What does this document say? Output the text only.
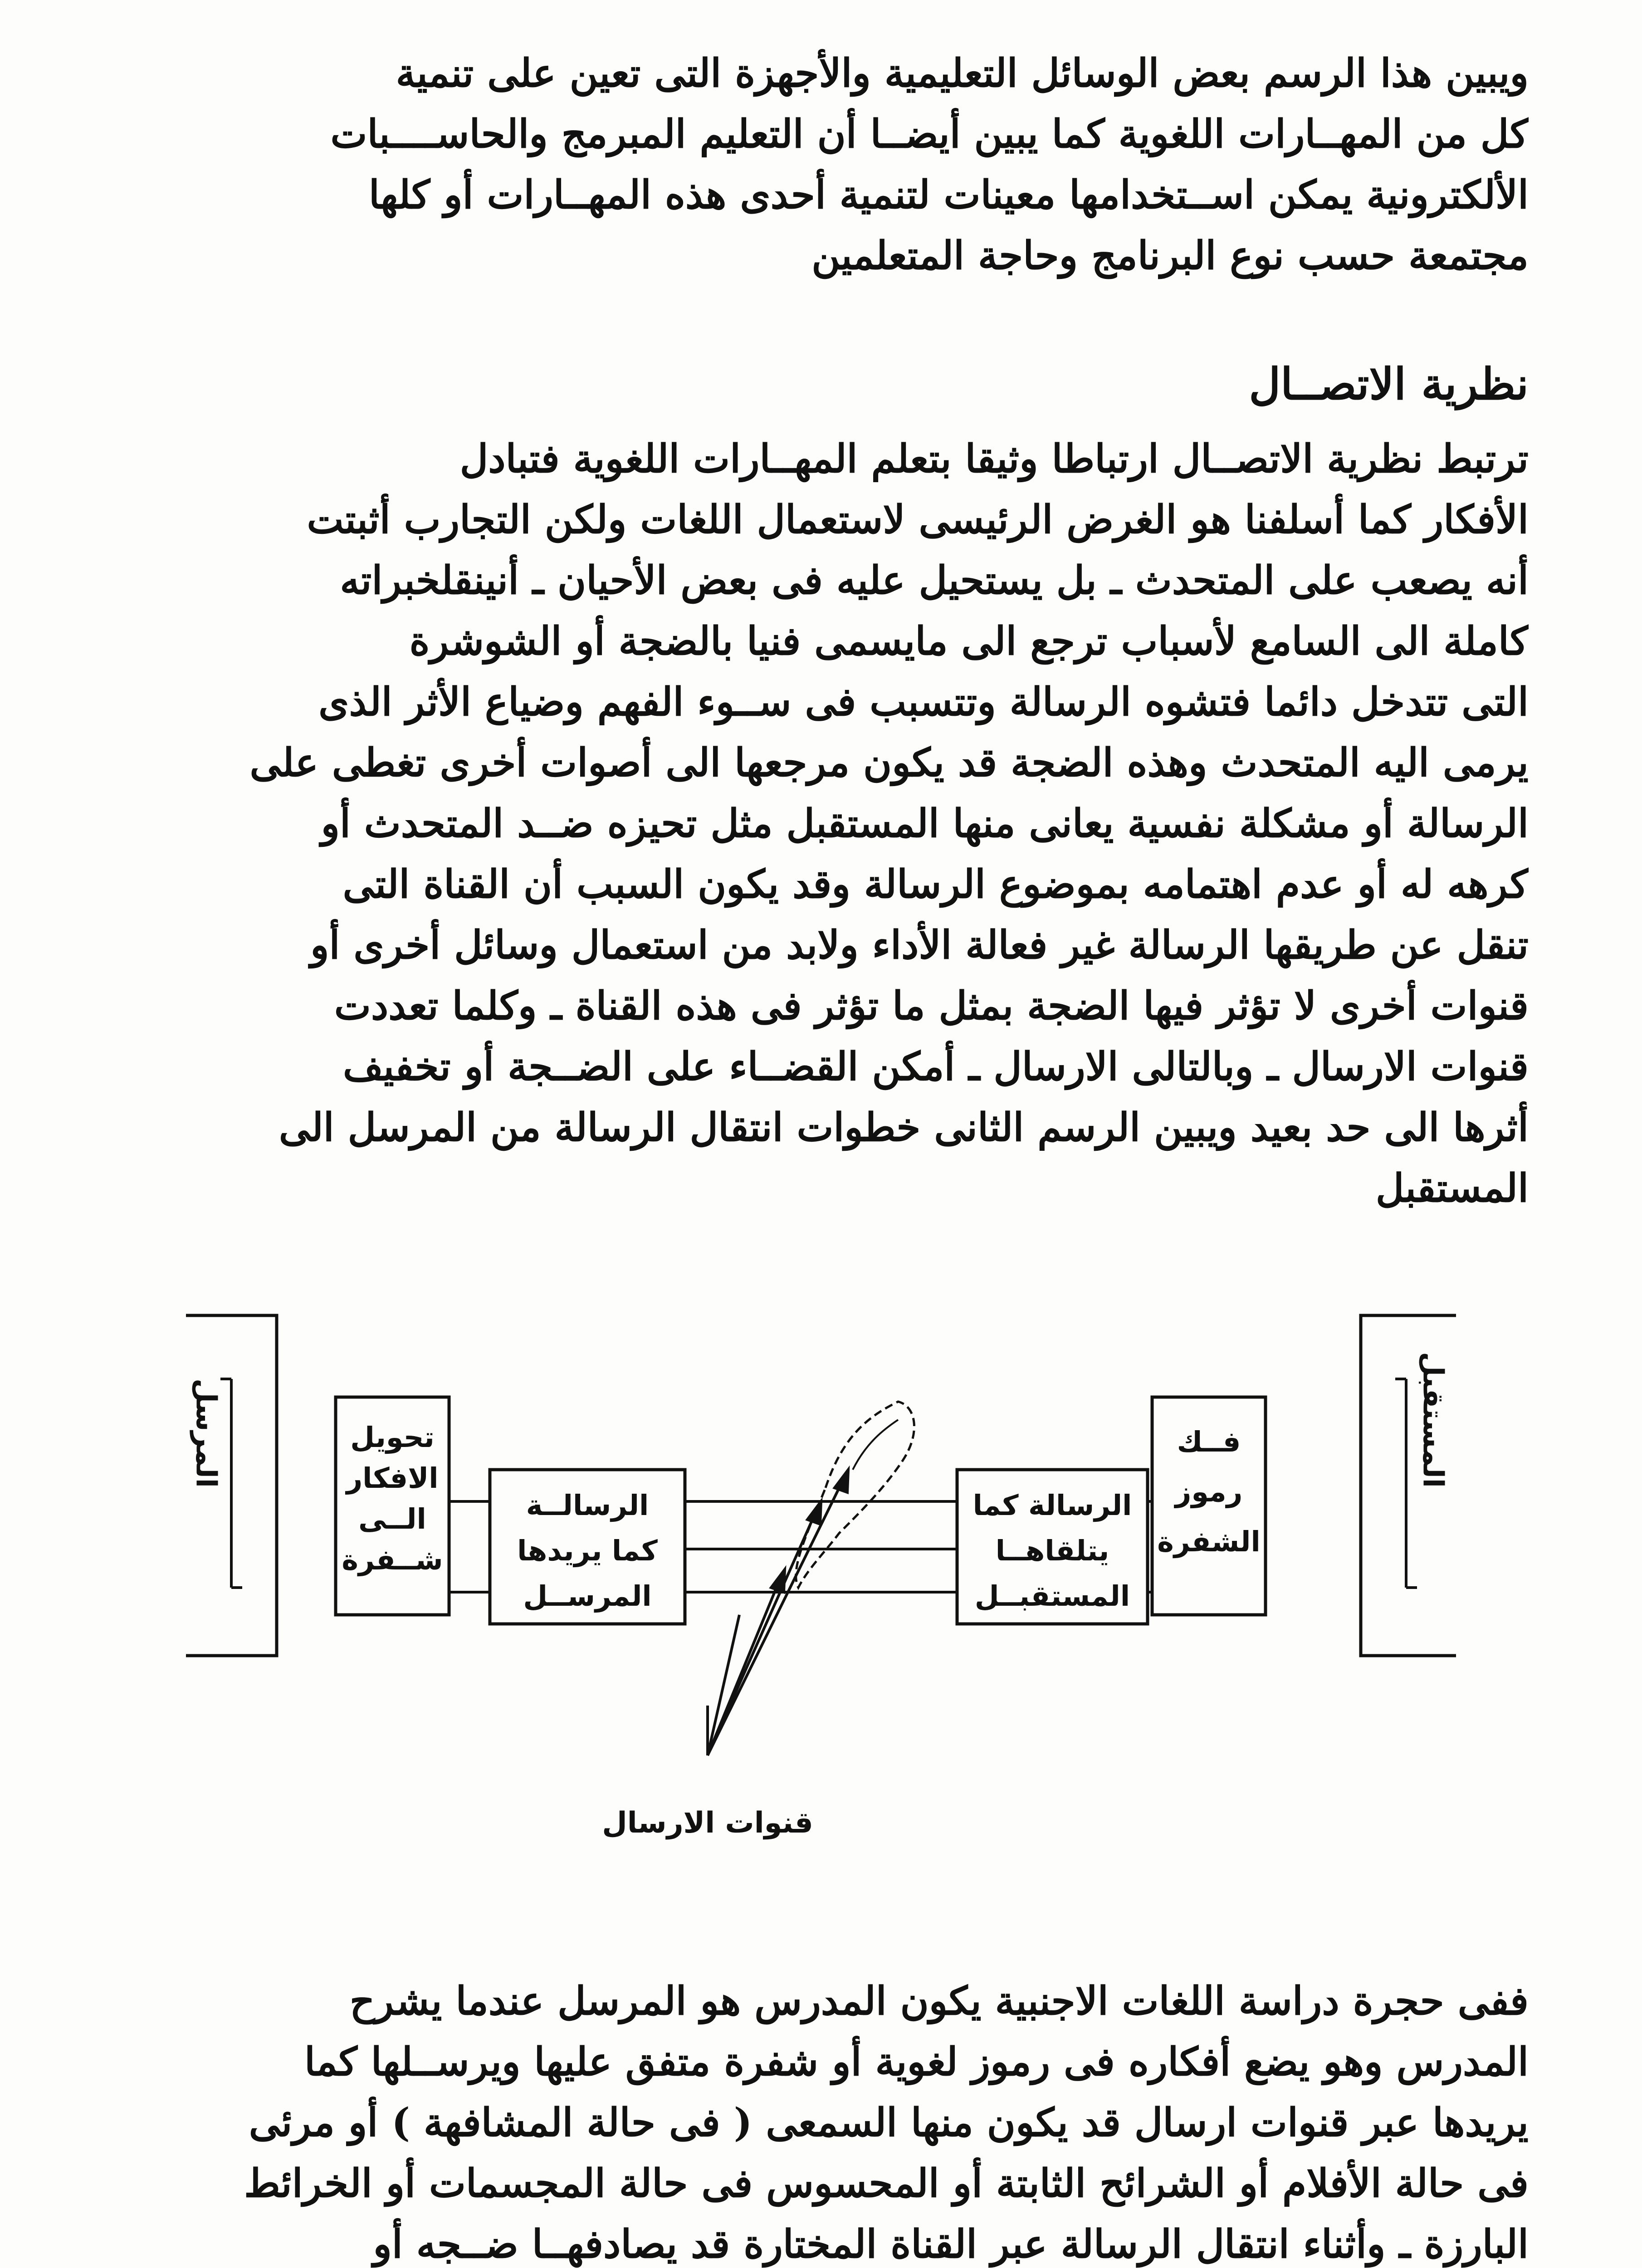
ويبين هذا الرسم بعض الوسائل التعليمية والأجهزة التى تعين على تنمية
كل من المهــارات اللغوية كما يبين أيضــا أن التعليم المبرمج والحاســــبات
الألكترونية يمكن اســتخدامها معينات لتنمية أحدى هذه المهــارات أو كلها
مجتمعة حسب نوع البرنامج وحاجة المتعلمين
نظرية الاتصــال
ترتبط نظرية الاتصــال ارتباطا وثيقا بتعلم المهــارات اللغوية فتبادل
الأفكار كما أسلفنا هو الغرض الرئيسى لاستعمال اللغات ولكن التجارب أثبتت
أنه يصعب على المتحدث ـ بل يستحيل عليه فى بعض الأحيان ـ أنينقلخبراته
كاملة الى السامع لأسباب ترجع الى مايسمى فنيا بالضجة أو الشوشرة
التى تتدخل دائما فتشوه الرسالة وتتسبب فى ســوء الفهم وضياع الأثر الذى
يرمى اليه المتحدث وهذه الضجة قد يكون مرجعها الى أصوات أخرى تغطى على
الرسالة أو مشكلة نفسية يعانى منها المستقبل مثل تحيزه ضــد المتحدث أو
كرهه له أو عدم اهتمامه بموضوع الرسالة وقد يكون السبب أن القناة التى
تنقل عن طريقها الرسالة غير فعالة الأداء ولابد من استعمال وسائل أخرى أو
قنوات أخرى لا تؤثر فيها الضجة بمثل ما تؤثر فى هذه القناة ـ وكلما تعددت
قنوات الارسال ـ وبالتالى الارسال ـ أمكن القضــاء على الضــجة أو تخفيف
أثرها الى حد بعيد ويبين الرسم الثانى خطوات انتقال الرسالة من المرسل الى
المستقبل
المرسل	المستقبل
تحويل
الافكار
الــى
شــفرة
الرسالــة
كما يريدها
المرســل
الرسالة كما
يتلقاهــا
المستقبــل
فــك
رموز
الشفرة
قنوات الارسال
ففى حجرة دراسة اللغات الاجنبية يكون المدرس هو المرسل عندما يشرح
المدرس وهو يضع أفكاره فى رموز لغوية أو شفرة متفق عليها ويرســلها كما
يريدها عبر قنوات ارسال قد يكون منها السمعى ( فى حالة المشافهة ) أو مرئى
فى حالة الأفلام أو الشرائح الثابتة أو المحسوس فى حالة المجسمات أو الخرائط
البارزة ـ وأثناء انتقال الرسالة عبر القناة المختارة قد يصادفهــا ضــجه أو
